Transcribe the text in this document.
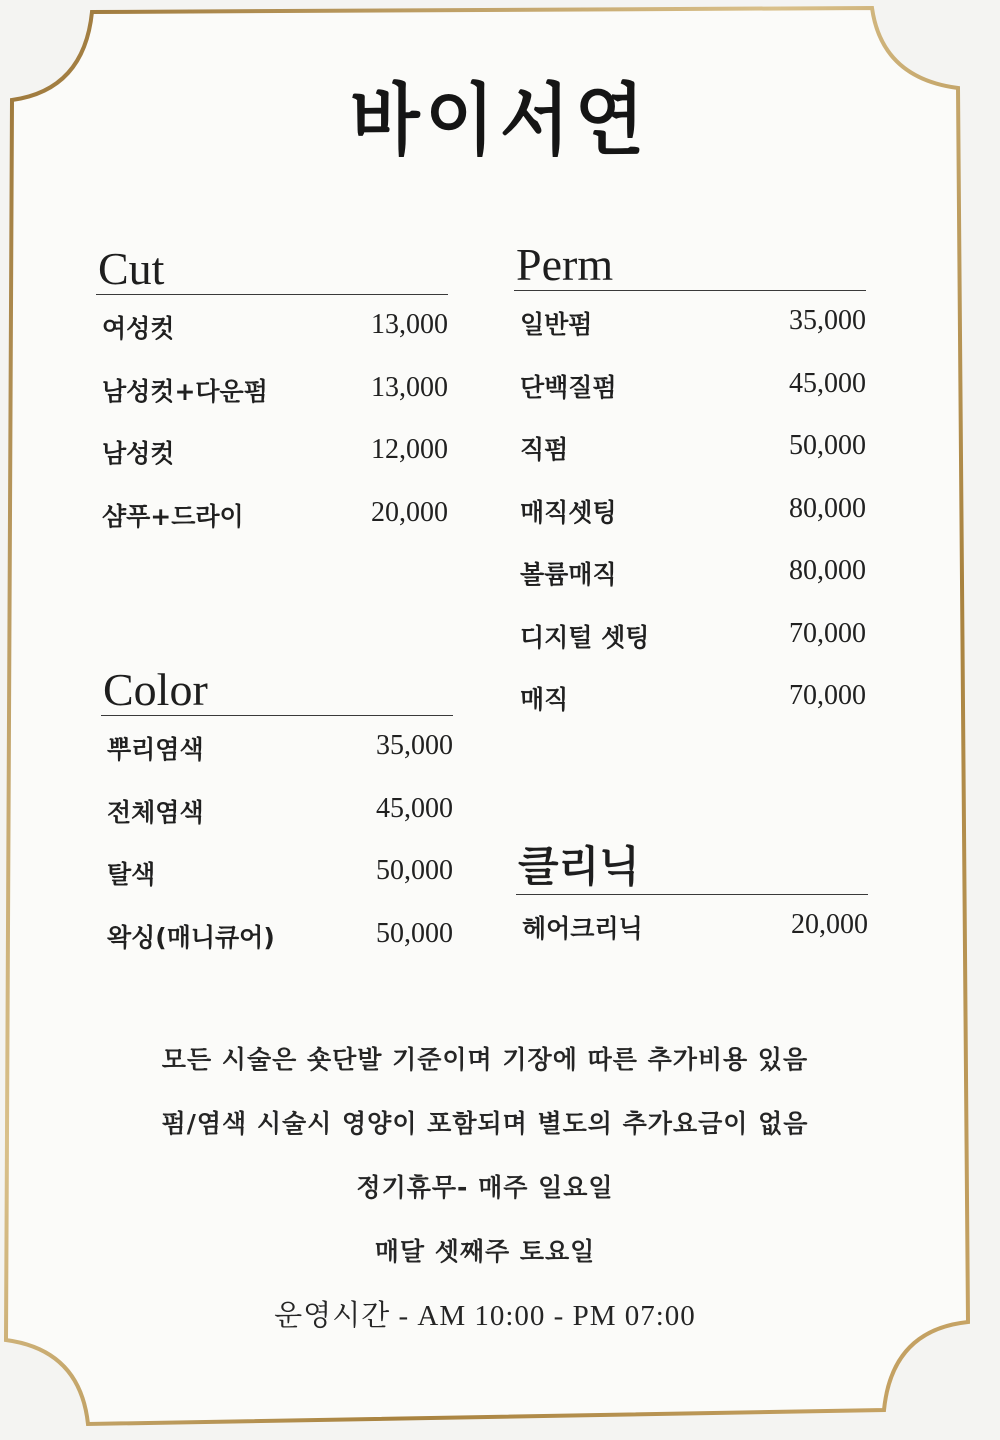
바이서연
Cut
여성컷	13,000
남성컷+다운펌	13,000
남성컷	12,000
샴푸+드라이	20,000
Color
뿌리염색	35,000
전체염색	45,000
탈색	50,000
왁싱(매니큐어)	50,000
Perm
일반펌	35,000
단백질펌	45,000
직펌	50,000
매직셋팅	80,000
볼륨매직	80,000
디지털 셋팅	70,000
매직	70,000
클리닉
헤어크리닉	20,000
모든 시술은 숏단발 기준이며 기장에 따른 추가비용 있음
펌/염색 시술시 영양이 포함되며 별도의 추가요금이 없음
정기휴무- 매주 일요일
매달 셋째주 토요일
운영시간 - AM 10:00 - PM 07:00
